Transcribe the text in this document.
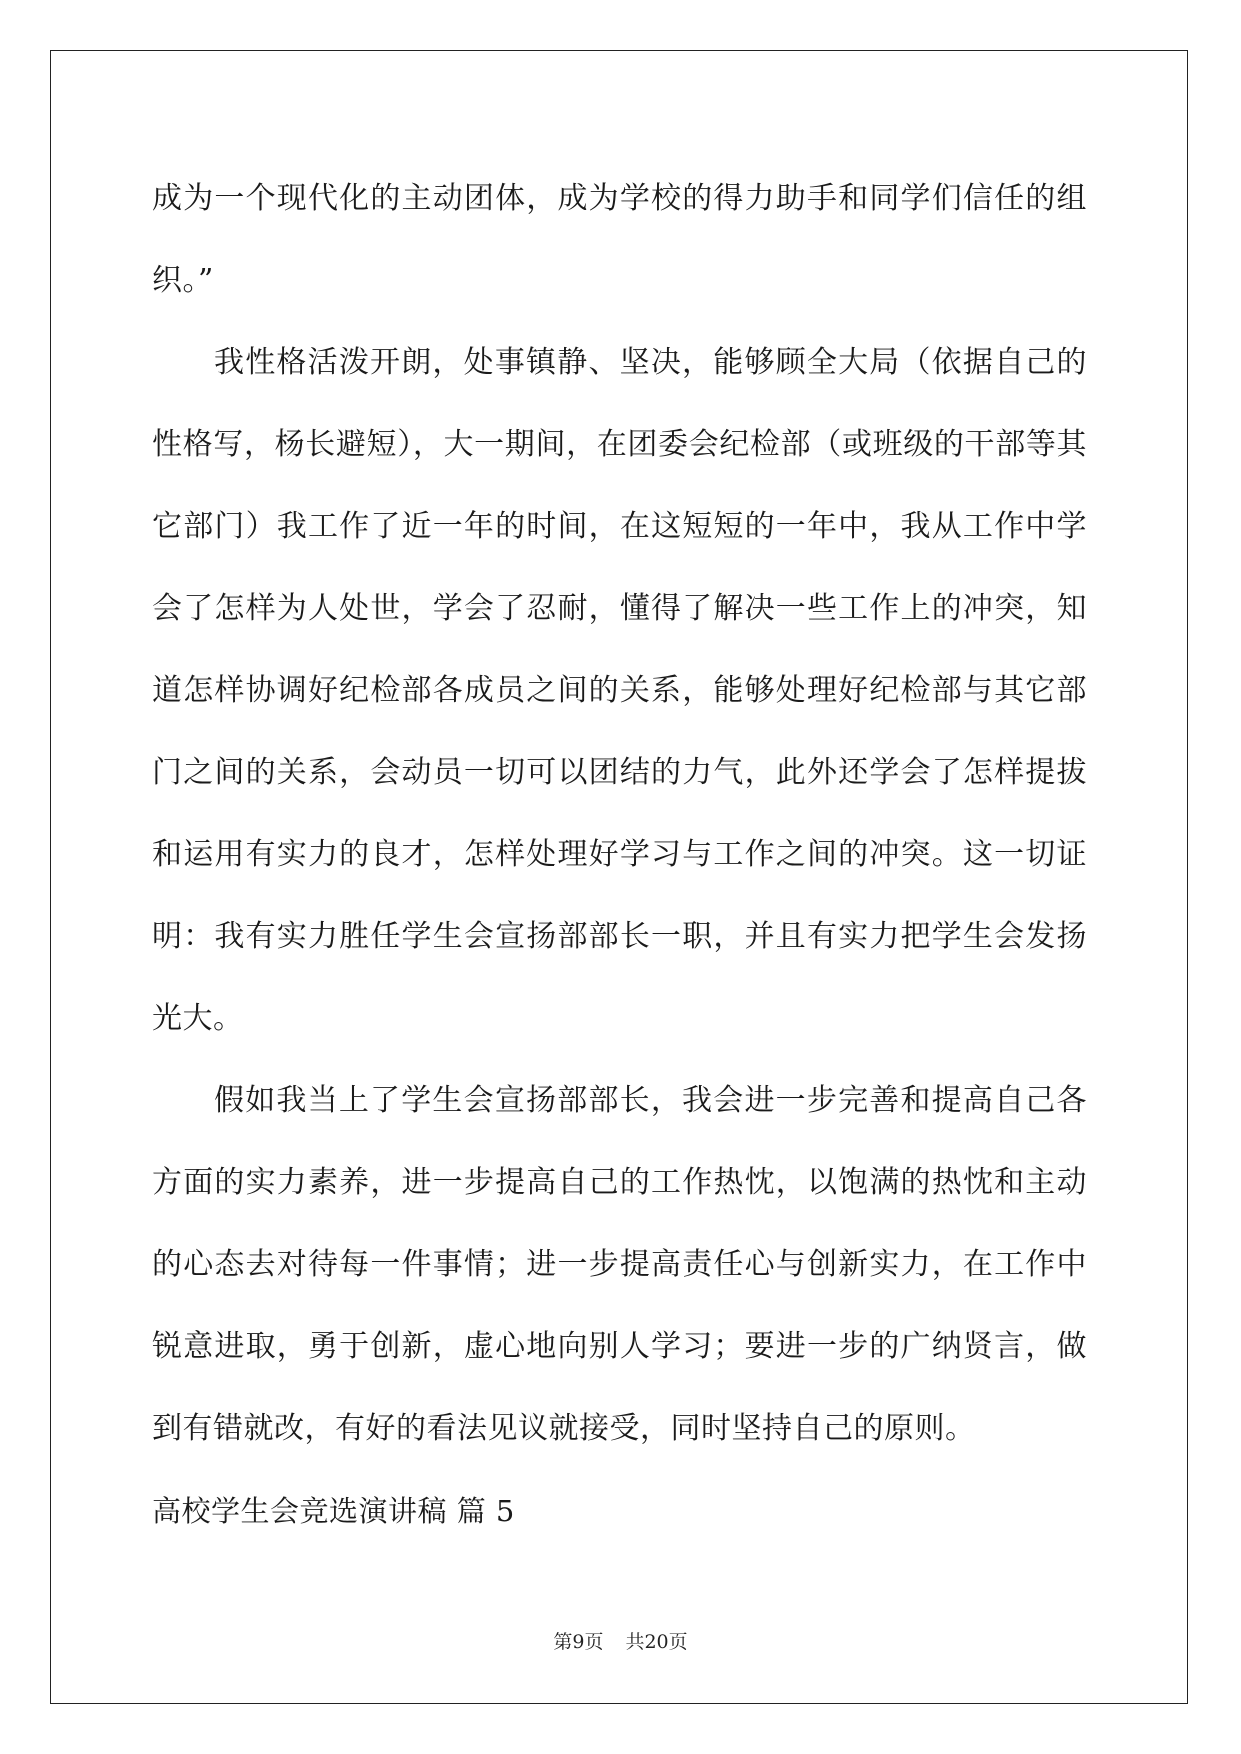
成为一个现代化的主动团体，成为学校的得力助手和同学们信任的组
织。”
我性格活泼开朗，处事镇静、坚决，能够顾全大局（依据自己的
性格写，杨长避短），大一期间，在团委会纪检部（或班级的干部等其
它部门）我工作了近一年的时间，在这短短的一年中，我从工作中学
会了怎样为人处世，学会了忍耐，懂得了解决一些工作上的冲突，知
道怎样协调好纪检部各成员之间的关系，能够处理好纪检部与其它部
门之间的关系，会动员一切可以团结的力气，此外还学会了怎样提拔
和运用有实力的良才，怎样处理好学习与工作之间的冲突。这一切证
明：我有实力胜任学生会宣扬部部长一职，并且有实力把学生会发扬
光大。
假如我当上了学生会宣扬部部长，我会进一步完善和提高自己各
方面的实力素养，进一步提高自己的工作热忱，以饱满的热忱和主动
的心态去对待每一件事情；进一步提高责任心与创新实力，在工作中
锐意进取，勇于创新，虚心地向别人学习；要进一步的广纳贤言，做
到有错就改，有好的看法见议就接受，同时坚持自己的原则。
高校学生会竞选演讲稿 篇 5
第9页 共20页
